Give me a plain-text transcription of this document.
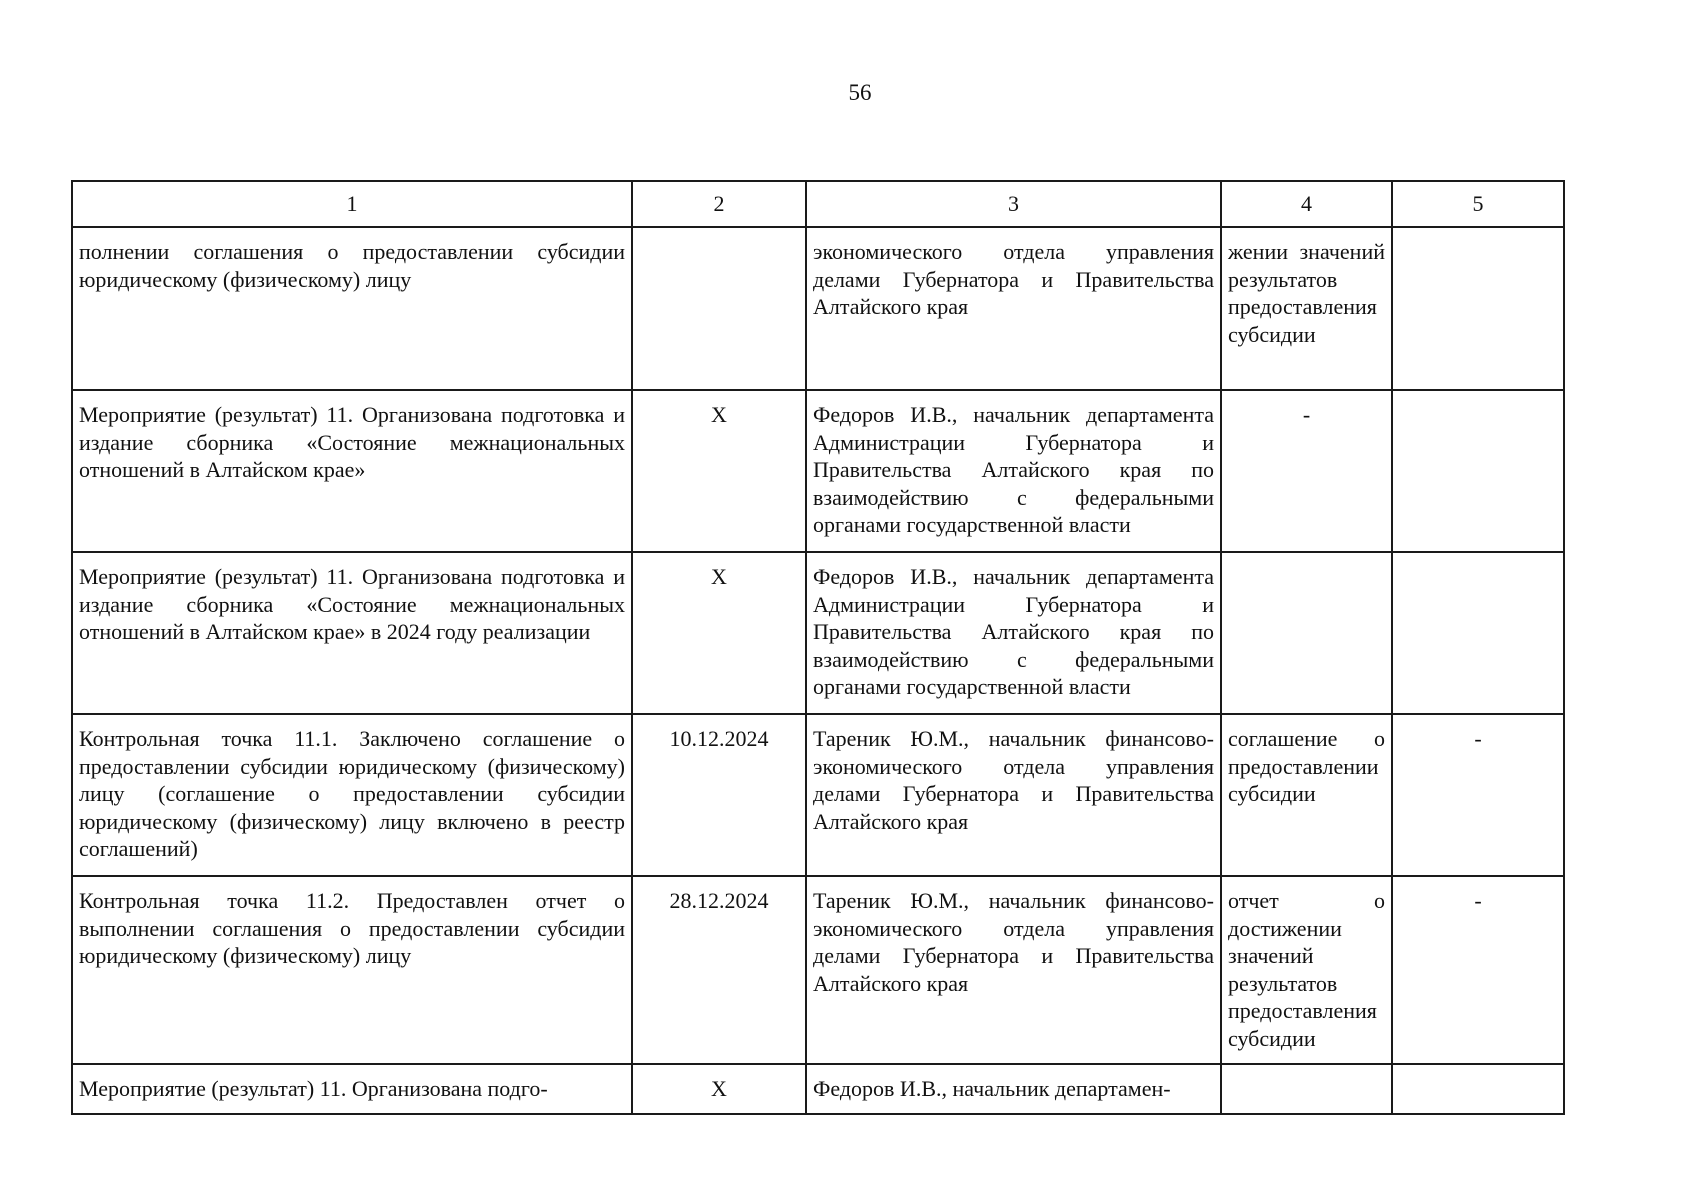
56
1	2	3	4	5
полнении соглашения о предоставлении субсидии юридическому (физическому) лицу		экономического отдела управления делами Губернатора и Правительства Алтайского края	жении значений результатов предоставления субсидии	
Мероприятие (результат) 11. Организована подготовка и издание сборника «Состояние межнациональных отношений в Алтайском крае»	X	Федоров И.В., начальник департамента Администрации Губернатора и Правительства Алтайского края по взаимодействию с федеральными органами государственной власти	-	
Мероприятие (результат) 11. Организована подготовка и издание сборника «Состояние межнациональных отношений в Алтайском крае» в 2024 году реализации	X	Федоров И.В., начальник департамента Администрации Губернатора и Правительства Алтайского края по взаимодействию с федеральными органами государственной власти		
Контрольная точка 11.1. Заключено соглашение о предоставлении субсидии юридическому (физическому) лицу (соглашение о предоставлении субсидии юридическому (физическому) лицу включено в реестр соглашений)	10.12.2024	Тареник Ю.М., начальник финансово-экономического отдела управления делами Губернатора и Правительства Алтайского края	соглашение о предоставлении субсидии	-
Контрольная точка 11.2. Предоставлен отчет о выполнении соглашения о предоставлении субсидии юридическому (физическому) лицу	28.12.2024	Тареник Ю.М., начальник финансово-экономического отдела управления делами Губернатора и Правительства Алтайского края	отчет о достижении значений результатов предоставления субсидии	-
Мероприятие (результат) 11. Организована подго-	X	Федоров И.В., начальник департамен-		
